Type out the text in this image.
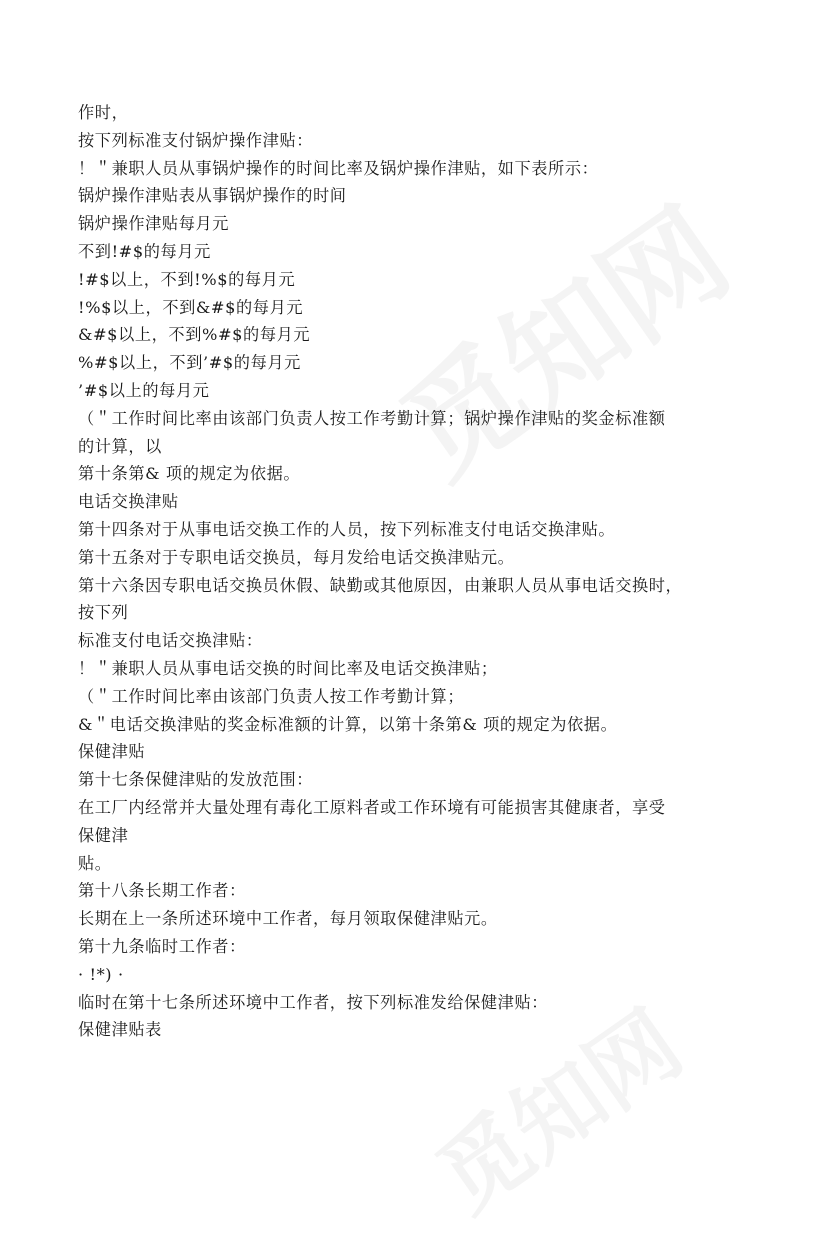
作时，
按下列标准支付锅炉操作津贴：
！＂兼职人员从事锅炉操作的时间比率及锅炉操作津贴，如下表所示：
锅炉操作津贴表从事锅炉操作的时间
锅炉操作津贴每月元
不到!#$的每月元
!#$以上，不到!%$的每月元
!%$以上，不到&#$的每月元
&#$以上，不到%#$的每月元
%#$以上，不到’#$的每月元
’#$以上的每月元
（＂工作时间比率由该部门负责人按工作考勤计算；锅炉操作津贴的奖金标准额
的计算，以
第十条第& 项的规定为依据。
电话交换津贴
第十四条对于从事电话交换工作的人员，按下列标准支付电话交换津贴。
第十五条对于专职电话交换员，每月发给电话交换津贴元。
第十六条因专职电话交换员休假、缺勤或其他原因，由兼职人员从事电话交换时，
按下列
标准支付电话交换津贴：
！＂兼职人员从事电话交换的时间比率及电话交换津贴；
（＂工作时间比率由该部门负责人按工作考勤计算；
&＂电话交换津贴的奖金标准额的计算，以第十条第& 项的规定为依据。
保健津贴
第十七条保健津贴的发放范围：
在工厂内经常并大量处理有毒化工原料者或工作环境有可能损害其健康者，享受
保健津
贴。
第十八条长期工作者：
长期在上一条所述环境中工作者，每月领取保健津贴元。
第十九条临时工作者：
· !*) ·
临时在第十七条所述环境中工作者，按下列标准发给保健津贴：
保健津贴表
